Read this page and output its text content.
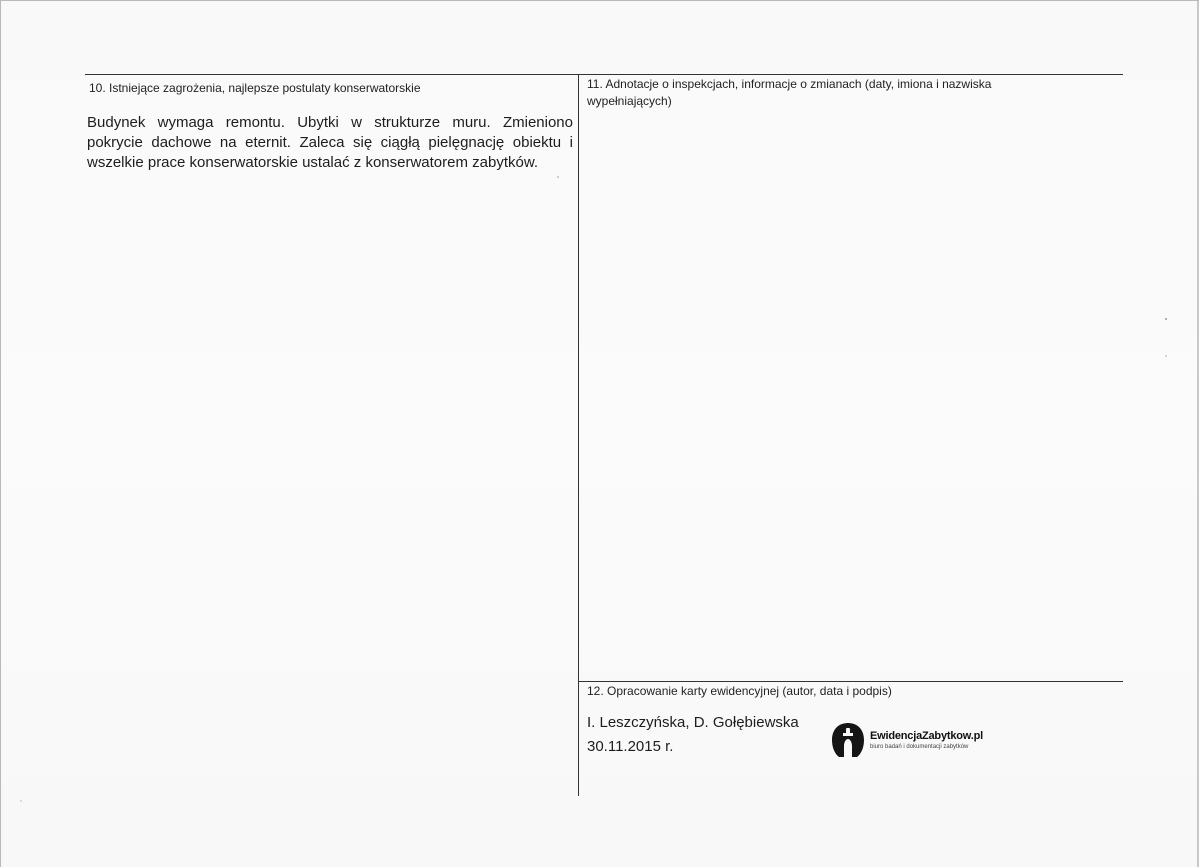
10. Istniejące zagrożenia, najlepsze postulaty konserwatorskie
Budynek wymaga remontu. Ubytki w strukturze muru. Zmieniono pokrycie dachowe na eternit. Zaleca się ciągłą pielęgnację obiektu i wszelkie prace konserwatorskie ustalać z konserwatorem zabytków.
11. Adnotacje o inspekcjach, informacje o zmianach (daty, imiona i nazwiska wypełniających)
12. Opracowanie karty ewidencyjnej (autor, data i podpis)
I. Leszczyńska, D. Gołębiewska
30.11.2015 r.
EwidencjaZabytkow.pl
biuro badań i dokumentacji zabytków
